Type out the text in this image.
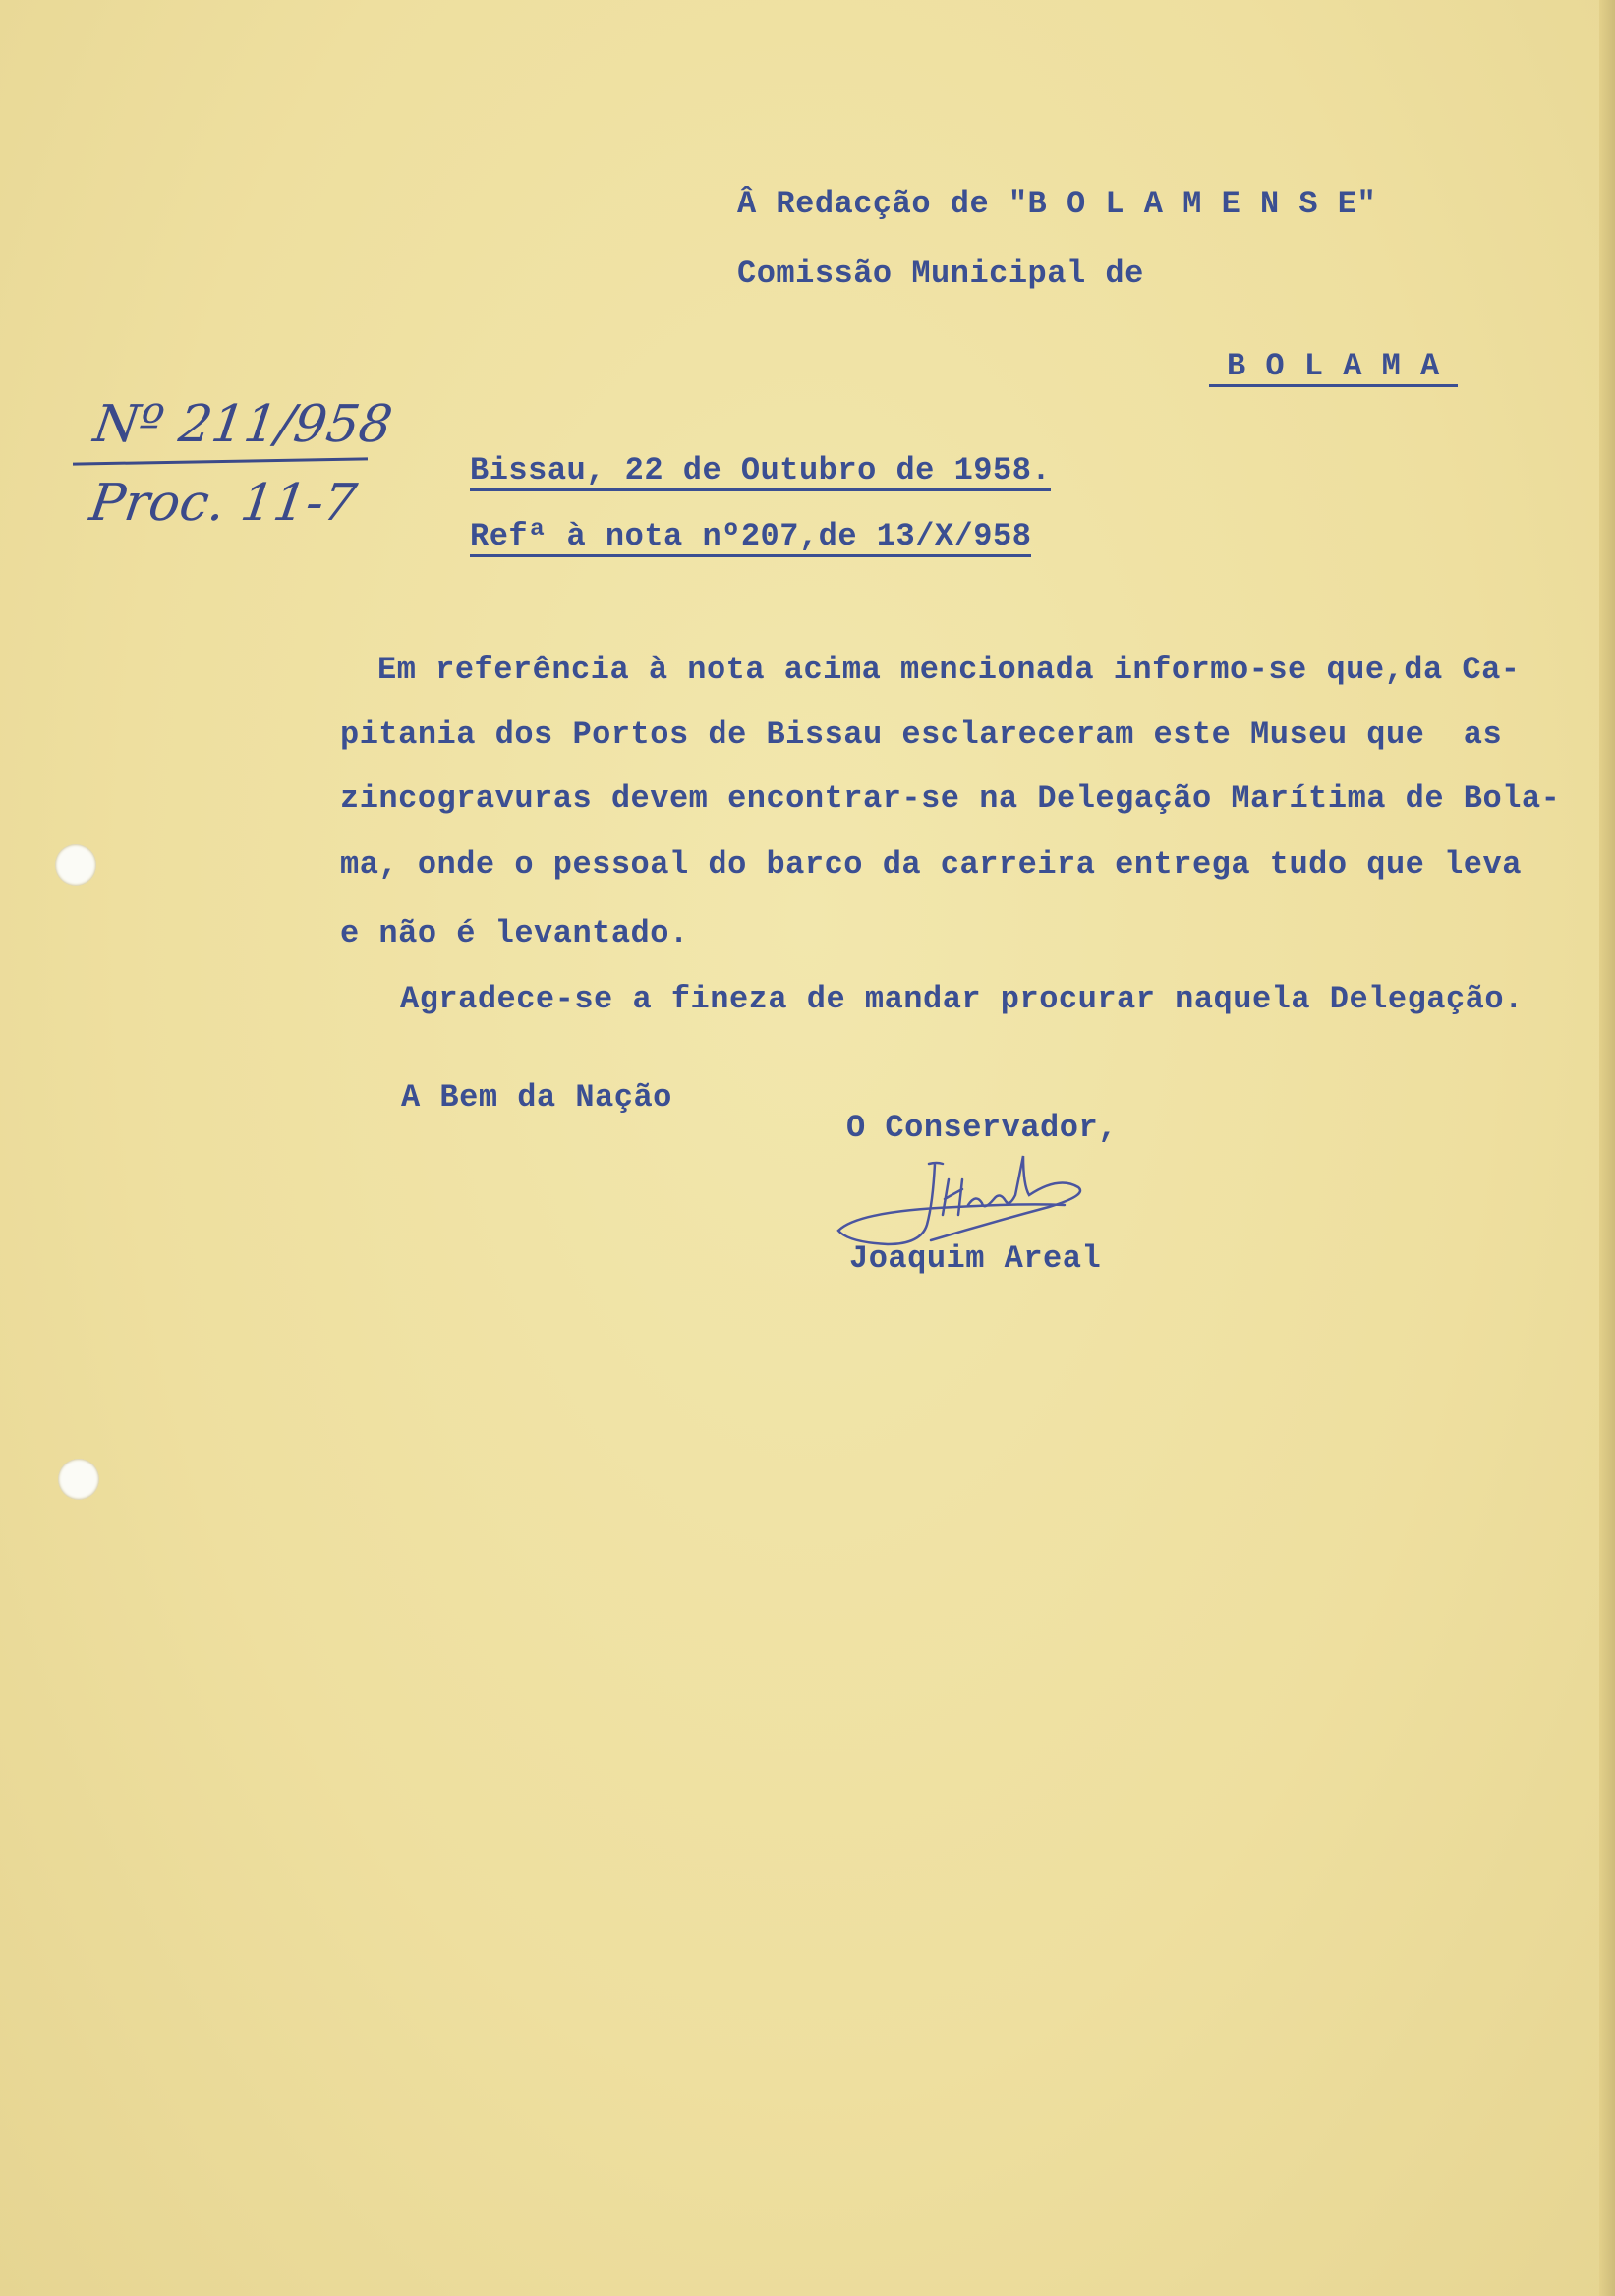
Â Redacção de "B O L A M E N S E"
Comissão Municipal de
B O L A M A
Nº 211/958
Proc. 11-7
Bissau, 22 de Outubro de 1958.
Refª à nota nº207,de 13/X/958
Em referência à nota acima mencionada informo-se que,da Ca-
pitania dos Portos de Bissau esclareceram este Museu que  as
zincogravuras devem encontrar-se na Delegação Marítima de Bola-
ma, onde o pessoal do barco da carreira entrega tudo que leva
e não é levantado.
Agradece-se a fineza de mandar procurar naquela Delegação.
A Bem da Nação
O Conservador,
Joaquim Areal
